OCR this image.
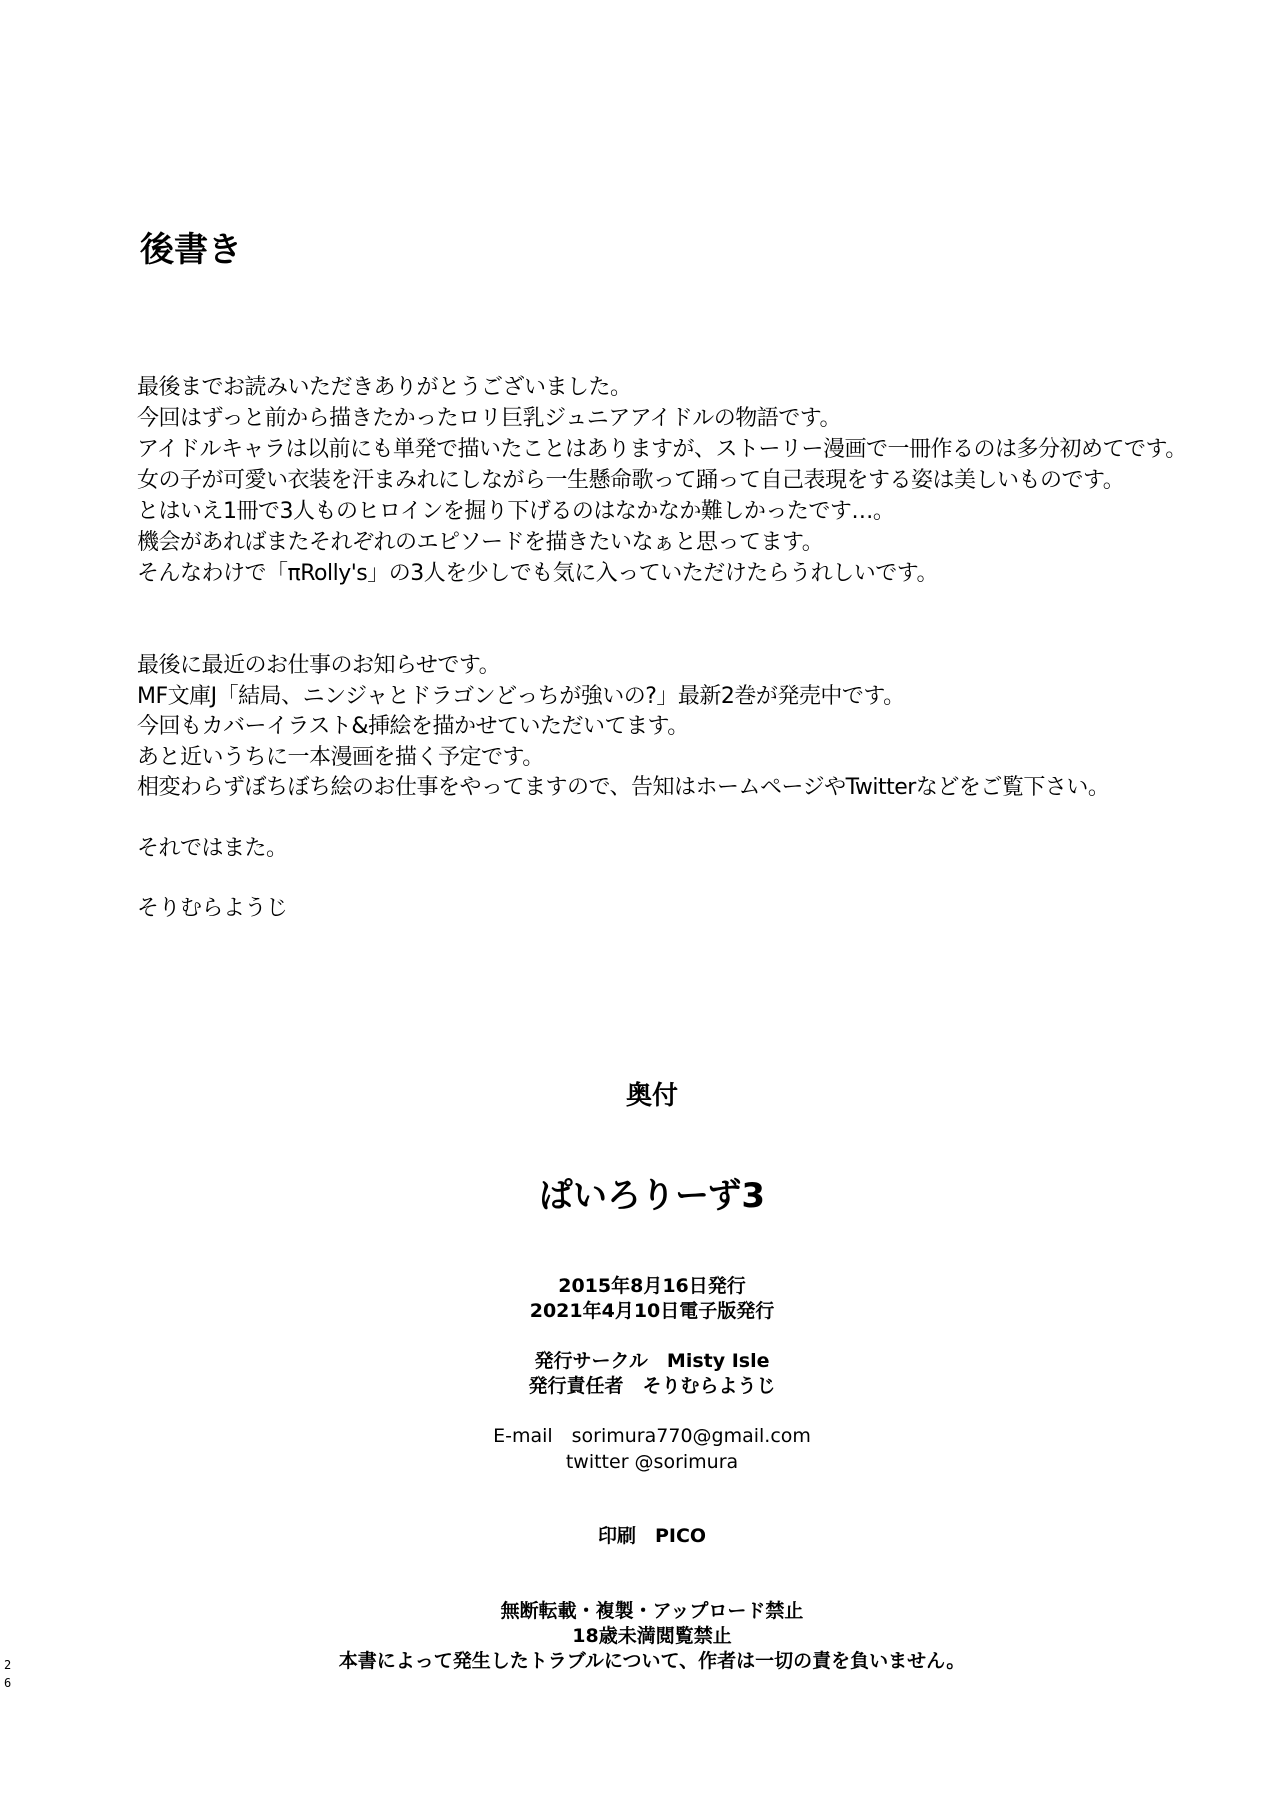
後書き
最後までお読みいただきありがとうございました。
今回はずっと前から描きたかったロリ巨乳ジュニアアイドルの物語です。
アイドルキャラは以前にも単発で描いたことはありますが、ストーリー漫画で一冊作るのは多分初めてです。
女の子が可愛い衣装を汗まみれにしながら一生懸命歌って踊って自己表現をする姿は美しいものです。
とはいえ1冊で3人ものヒロインを掘り下げるのはなかなか難しかったです…。
機会があればまたそれぞれのエピソードを描きたいなぁと思ってます。
そんなわけで「πRolly's」の3人を少しでも気に入っていただけたらうれしいです。
最後に最近のお仕事のお知らせです。
MF文庫J「結局、ニンジャとドラゴンどっちが強いの?」最新2巻が発売中です。
今回もカバーイラスト&挿絵を描かせていただいてます。
あと近いうちに一本漫画を描く予定です。
相変わらずぼちぼち絵のお仕事をやってますので、告知はホームページやTwitterなどをご覧下さい。
それではまた。
そりむらようじ
奥付
ぱいろりーず3
2015年8月16日発行
2021年4月10日電子版発行
発行サークル　Misty Isle
発行責任者　そりむらようじ
E-mail　sorimura770@gmail.com
twitter @sorimura
印刷　PICO
無断転載・複製・アップロード禁止
18歳未満閲覧禁止
本書によって発生したトラブルについて、作者は一切の責を負いません。
2
6
